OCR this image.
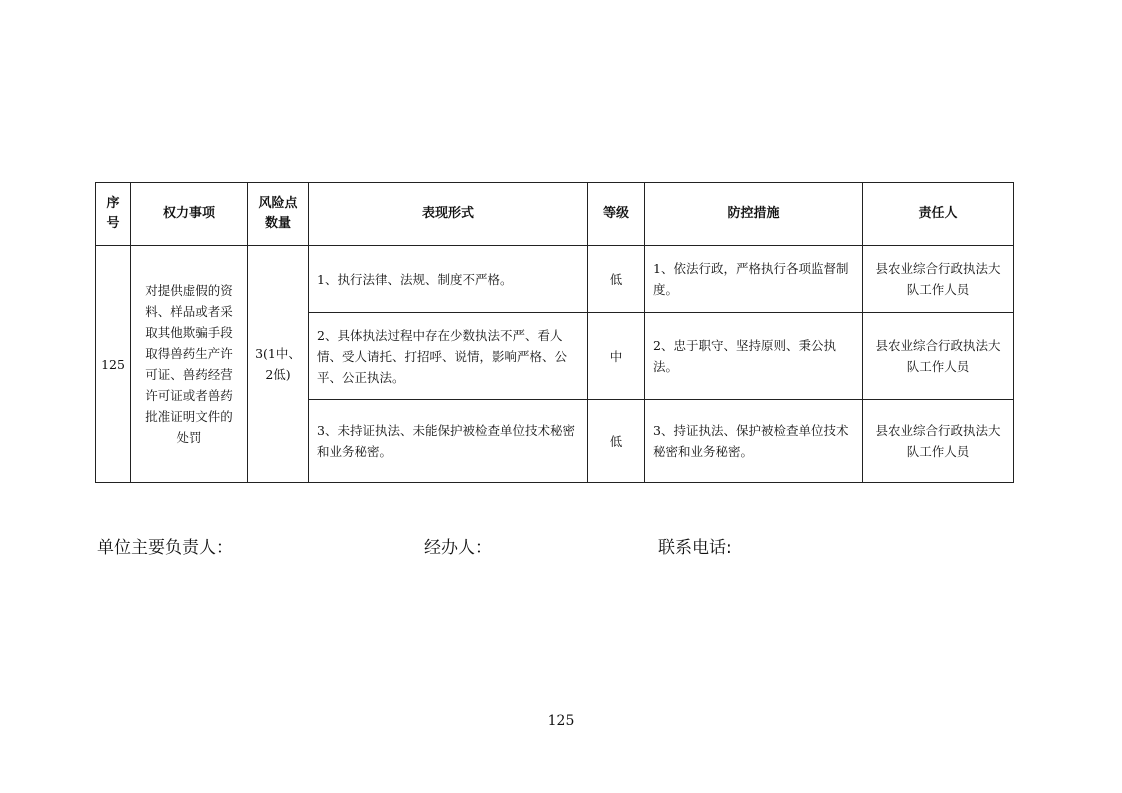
序号	权力事项	风险点数量	表现形式	等级	防控措施	责任人
125	对提供虚假的资料、样品或者采取其他欺骗手段取得兽药生产许可证、兽药经营许可证或者兽药批准证明文件的处罚	3(1中、2低)	1、执行法律、法规、制度不严格。	低	1、依法行政，严格执行各项监督制度。	县农业综合行政执法大队工作人员
			2、具体执法过程中存在少数执法不严、看人情、受人请托、打招呼、说情，影响严格、公平、公正执法。	中	2、忠于职守、坚持原则、秉公执法。	县农业综合行政执法大队工作人员
			3、未持证执法、未能保护被检查单位技术秘密和业务秘密。	低	3、持证执法、保护被检查单位技术秘密和业务秘密。	县农业综合行政执法大队工作人员
单位主要负责人：	经办人：	联系电话:
125
